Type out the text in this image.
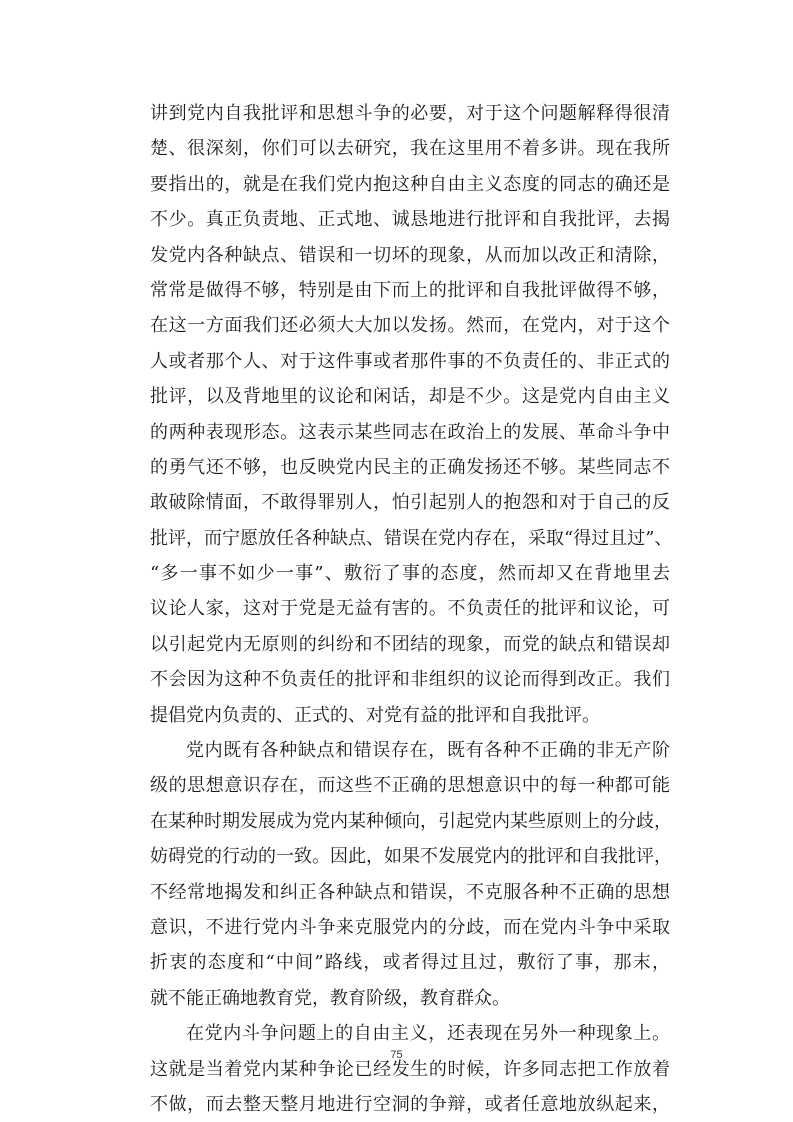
讲到党内自我批评和思想斗争的必要，对于这个问题解释得很清
楚、很深刻，你们可以去研究，我在这里用不着多讲。现在我所
要指出的，就是在我们党内抱这种自由主义态度的同志的确还是
不少。真正负责地、正式地、诚恳地进行批评和自我批评，去揭
发党内各种缺点、错误和一切坏的现象，从而加以改正和清除，
常常是做得不够，特别是由下而上的批评和自我批评做得不够，
在这一方面我们还必须大大加以发扬。然而，在党内，对于这个
人或者那个人、对于这件事或者那件事的不负责任的、非正式的
批评，以及背地里的议论和闲话，却是不少。这是党内自由主义
的两种表现形态。这表示某些同志在政治上的发展、革命斗争中
的勇气还不够，也反映党内民主的正确发扬还不够。某些同志不
敢破除情面，不敢得罪别人，怕引起别人的抱怨和对于自己的反
批评，而宁愿放任各种缺点、错误在党内存在，采取“得过且过”、
“多一事不如少一事”、敷衍了事的态度，然而却又在背地里去
议论人家，这对于党是无益有害的。不负责任的批评和议论，可
以引起党内无原则的纠纷和不团结的现象，而党的缺点和错误却
不会因为这种不负责任的批评和非组织的议论而得到改正。我们
提倡党内负责的、正式的、对党有益的批评和自我批评。
党内既有各种缺点和错误存在，既有各种不正确的非无产阶
级的思想意识存在，而这些不正确的思想意识中的每一种都可能
在某种时期发展成为党内某种倾向，引起党内某些原则上的分歧，
妨碍党的行动的一致。因此，如果不发展党内的批评和自我批评，
不经常地揭发和纠正各种缺点和错误，不克服各种不正确的思想
意识，不进行党内斗争来克服党内的分歧，而在党内斗争中采取
折衷的态度和“中间”路线，或者得过且过，敷衍了事，那末，
就不能正确地教育党，教育阶级，教育群众。
在党内斗争问题上的自由主义，还表现在另外一种现象上。
这就是当着党内某种争论已经发生的时候，许多同志把工作放着
不做，而去整天整月地进行空洞的争辩，或者任意地放纵起来，
75
